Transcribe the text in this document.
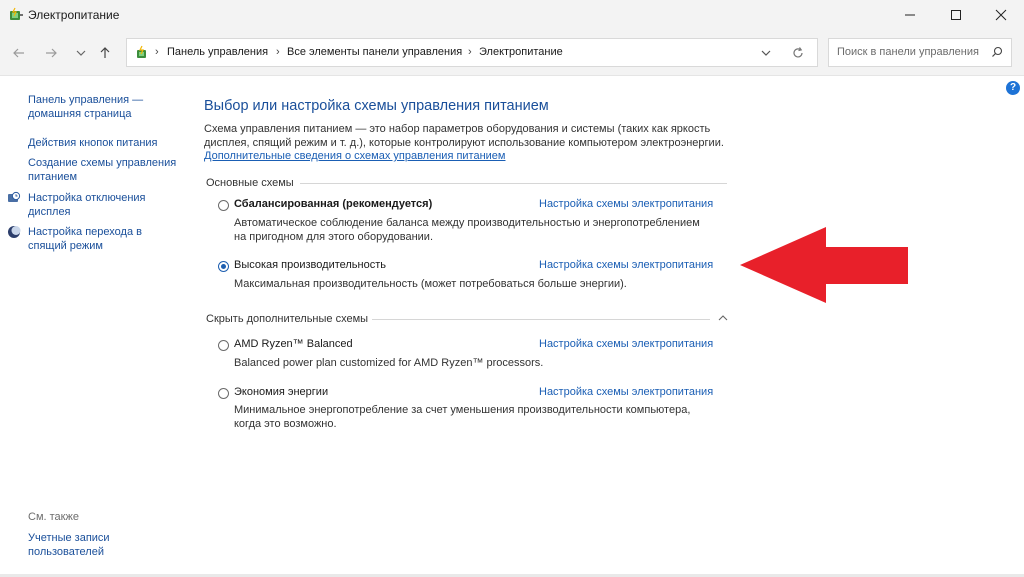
Электропитание
› Панель управления › Все элементы панели управления › Электропитание	Поиск в панели управления
?
Панель управления —
домашняя страница
Действия кнопок питания
Создание схемы управления
питанием
Настройка отключения
дисплея
Настройка перехода в
спящий режим
См. также
Учетные записи
пользователей
Выбор или настройка схемы управления питанием
Схема управления питанием — это набор параметров оборудования и системы (таких как яркость
дисплея, спящий режим и т. д.), которые контролируют использование компьютером электроэнергии.
Дополнительные сведения о схемах управления питанием
Основные схемы
Сбалансированная (рекомендуется)	Настройка схемы электропитания
Автоматическое соблюдение баланса между производительностью и энергопотреблением
на пригодном для этого оборудовании.
Высокая производительность	Настройка схемы электропитания
Максимальная производительность (может потребоваться больше энергии).
Скрыть дополнительные схемы
AMD Ryzen™ Balanced	Настройка схемы электропитания
Balanced power plan customized for AMD Ryzen™ processors.
Экономия энергии	Настройка схемы электропитания
Минимальное энергопотребление за счет уменьшения производительности компьютера,
когда это возможно.
